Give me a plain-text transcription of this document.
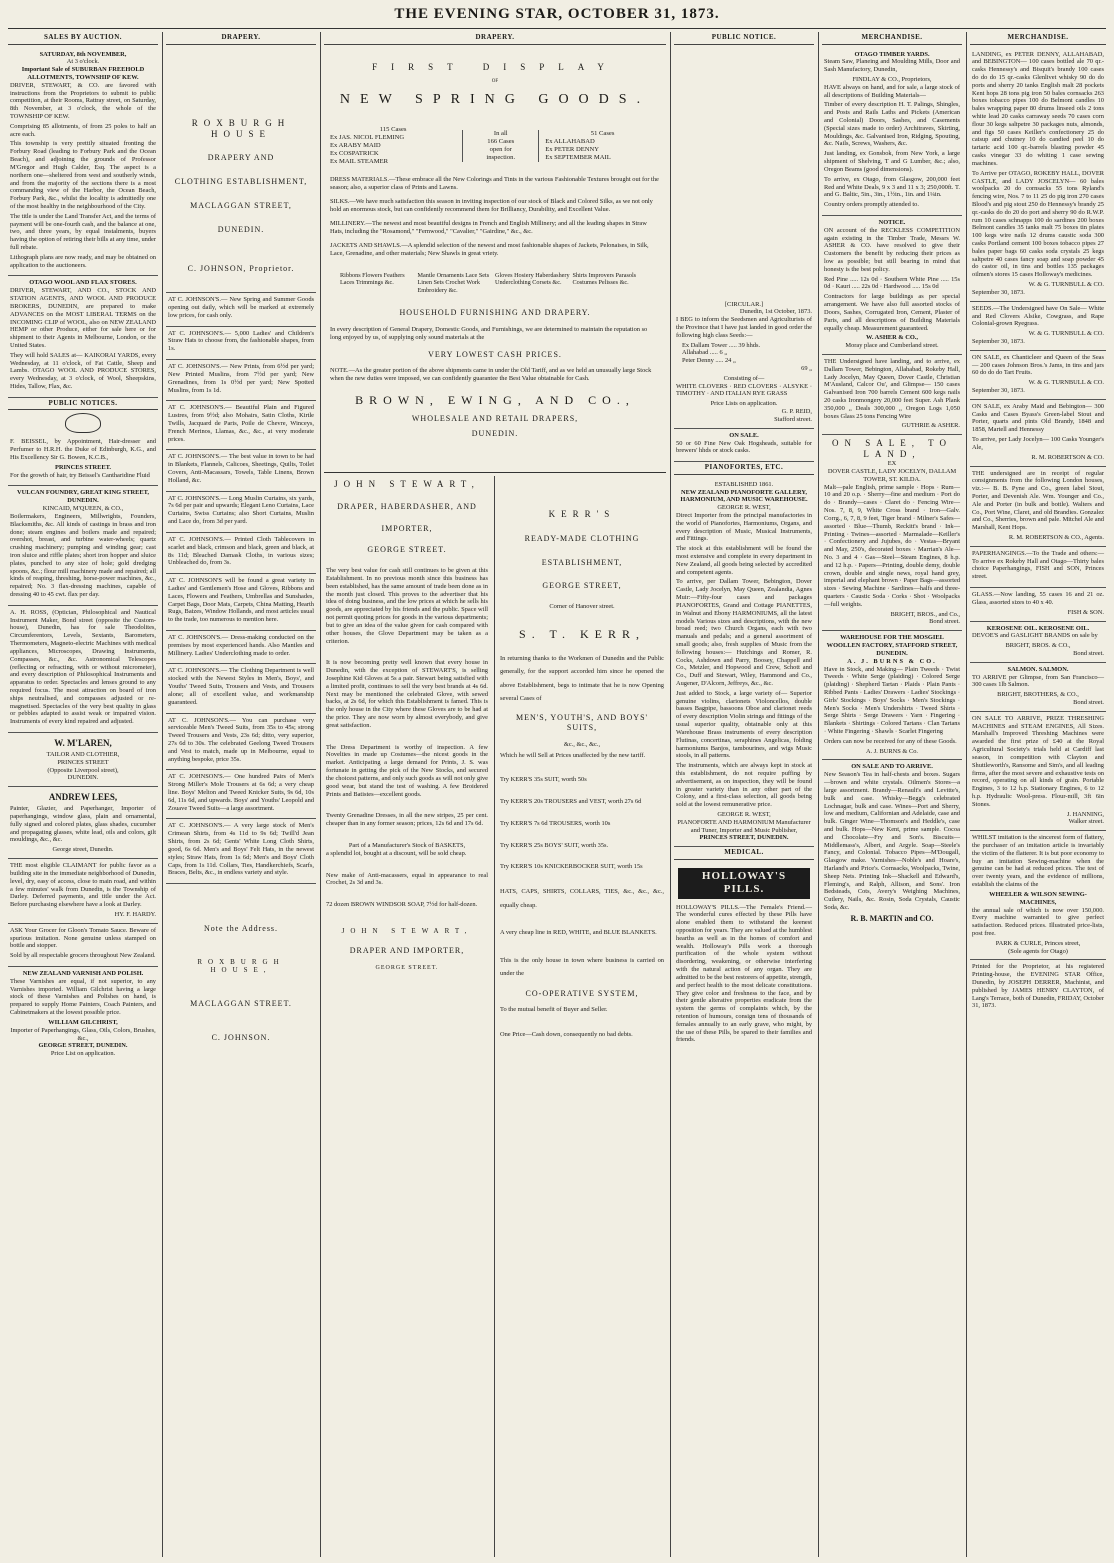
THE EVENING STAR, OCTOBER 31, 1873.
SALES BY AUCTION.
SATURDAY, 8th NOVEMBER,
At 3 o'clock.
Important Sale of SUBURBAN FREEHOLD ALLOTMENTS, TOWNSHIP OF KEW.

DRIVER, STEWART, & CO. are favored with instructions from the Proprietors to submit to public competition, at their Rooms, Rattray street, on Saturday, 8th November, at 3 o'clock, the whole of the TOWNSHIP OF KEW.

Comprising 85 allotments, of from 25 poles to half an acre each.

This township is very prettily situated fronting the Forbury Road (leading to Forbury Park and the Ocean Beach), and adjoining the grounds of Professor M'Gregor and Hugh Calder, Esq. The aspect is a northern one—sheltered from west and southerly winds, and from the majority of the sections there is a most commanding view of the Harbor, the Ocean Beach, Forbury Park, &c., whilst the locality is admittedly one of the most healthy in the neighbourhood of the City.

The title is under the Land Transfer Act, and the terms of payment will be one-fourth cash, and the balance at one, two, and three years, by equal instalments, buyers having the option of retiring their bills at any time, under full rebate.

Lithograph plans are now ready, and may be obtained on application to the auctioneers.

OTAGO WOOL AND FLAX STORES.

DRIVER, STEWART, AND CO., STOCK AND STATION AGENTS, AND WOOL AND PRODUCE BROKERS, DUNEDIN, are prepared to make ADVANCES on the MOST LIBERAL TERMS on the INCOMING CLIP of WOOL, also on NEW ZEALAND HEMP or other Produce, either for sale here or for shipment to their Agents in Melbourne, London, or the United States.

They will hold SALES at— KAIKORAI YARDS, every Wednesday, at 11 o'clock, of Fat Cattle, Sheep and Lambs. OTAGO WOOL AND PRODUCE STORES, every Wednesday, at 3 o'clock, of Wool, Sheepskins, Hides, Tallow, Flax, &c.

PUBLIC NOTICES.

F. BEISSEL, by Appointment, Hair-dresser and Perfumer to H.R.H. the Duke of Edinburgh, K.G., and His Excellency Sir G. Bowen, K.C.B.,

PRINCES STREET.

For the growth of hair, try Beissel's Cantharidine Fluid

VULCAN FOUNDRY, GREAT KING STREET, DUNEDIN.
KINCAID, M'QUEEN, & CO.,

Boilermakers, Engineers, Millwrights, Founders, Blacksmiths, &c. All kinds of castings in brass and iron done; steam engines and boilers made and repaired; overshot, breast, and turbine water-wheels; quartz crushing machinery; pumping and winding gear; cast iron sluice and riffle plates; short iron hopper and sluice plates, punched to any size of hole; gold dredging spoons, &c.; flour mill machinery made and repaired; all kinds of reaping, threshing, horse-power machines, &c., repaired; No. 3 flax-dressing machines, capable of dressing 40 to 45 cwt. flax per day.

A. H. ROSS, (Optician, Philosophical and Nautical Instrument Maker, Bond street (opposite the Custom-house), Dunedin, has for sale Theodolites, Circumferentors, Levels, Sextants, Barometers, Thermometers, Magneto-electric Machines with medical appliances, Microscopes, Drawing Instruments, Compasses, &c., &c. Astronomical Telescopes (reflecting or refracting, with or without micrometer), and every description of Philosophical Instruments and apparatus to order. Spectacles and lenses ground to any required focus. The most attraction on board of iron ships neutralised, and compasses adjusted or re-magnetised. Spectacles of the very best quality in glass or pebbles adapted to assist weak or impaired vision. Instruments of every kind repaired and adjusted.

W. M'LAREN,
TAILOR AND CLOTHIER,
PRINCES STREET
(Opposite Liverpool street),
DUNEDIN.
ANDREW LEES,

Painter, Glazier, and Paperhanger, Importer of paperhangings, window glass, plain and ornamental, fully signed and colored plates, glass shades, cucumber and propagating glasses, white lead, oils and colors, gilt mouldings, &c., &c.

George street, Dunedin.

THE most eligible CLAIMANT for public favor as a building site in the immediate neighborhood of Dunedin, level, dry, easy of access, close to main road, and within a few minutes' walk from Dunedin, is the Township of Darley. Deferred payments, and title under the Act. Before purchasing elsewhere have a look at Darley.

HY. F. HARDY.

ASK Your Grocer for Gloon's Tomato Sauce. Beware of spurious imitation. None genuine unless stamped on bottle and stopper.

Sold by all respectable grocers throughout New Zealand.

NEW ZEALAND VARNISH AND POLISH.

These Varnishes are equal, if not superior, to any Varnishes imported. William Gilchrist having a large stock of these Varnishes and Polishes on hand, is prepared to supply Home Painters, Coach Painters, and Cabinetmakers at the lowest possible price.

WILLIAM GILCHRIST,
Importer of Paperhangings, Glass, Oils, Colors, Brushes, &c.,
GEORGE STREET, DUNEDIN.
Price List on application.
DRAPERY.
ROXBURGH HOUSE
DRAPERY AND
CLOTHING ESTABLISHMENT,
MACLAGGAN STREET,
DUNEDIN.
C. JOHNSON, Proprietor.

AT C. JOHNSON'S.— New Spring and Summer Goods opening out daily, which will be marked at extremely low prices, for cash only.

AT C. JOHNSON'S.— 5,000 Ladies' and Children's Straw Hats to choose from, the fashionable shapes, from 1s.

AT C. JOHNSON'S.— New Prints, from 6½d per yard; New Printed Muslins, from 7½d per yard; New Grenadines, from 1s 0½d per yard; New Spotted Muslins, from 1s 1d.

AT C. JOHNSON'S.— Beautiful Plain and Figured Lustres, from 9½d; also Mohairs, Satin Cloths, Kirtle Twills, Jacquard de Paris, Poile de Chevre, Winceys, French Merinos, Llamas, &c., &c., at very moderate prices.

AT C. JOHNSON'S.— The best value in town to be had in Blankets, Flannels, Calicoes, Sheetings, Quilts, Toilet Covers, Anti-Macassars, Towels, Table Linens, Brown Holland, &c.

AT C. JOHNSON'S.— Long Muslin Curtains, six yards, 7s 6d per pair and upwards; Elegant Leno Curtains, Lace Curtains, Swiss Curtains; also Short Curtains, Muslin and Lace do, from 3d per yard.

AT C. JOHNSON'S.— Printed Cloth Tablecovers in scarlet and black, crimson and black, green and black, at 8s 11d; Bleached Damask Cloths, in various sizes; Unbleached do, from 3s.

AT C. JOHNSON'S will be found a great variety in Ladies' and Gentlemen's Hose and Gloves, Ribbons and Laces, Flowers and Feathers, Umbrellas and Sunshades, Carpet Bags, Door Mats, Carpets, China Matting, Hearth Rugs, Baizes, Window Hollands, and most articles usual to the trade, too numerous to mention here.

AT C. JOHNSON'S.— Dress-making conducted on the premises by most experienced hands. Also Mantles and Millinery. Ladies' Underclothing made to order.

AT C. JOHNSON'S.— The Clothing Department is well stocked with the Newest Styles in Men's, Boys', and Youths' Tweed Suits, Trousers and Vests, and Trousers alone; all of excellent value, and workmanship guaranteed.

AT C. JOHNSON'S.— You can purchase very serviceable Men's Tweed Suits, from 35s to 45s; strong Tweed Trousers and Vests, 23s 6d; ditto, very superior, 27s 6d to 30s. The celebrated Geelong Tweed Trousers and Vest to match, made up in Melbourne, equal to anything bespoke, price 35s.

AT C. JOHNSON'S.— One hundred Pairs of Men's Strong Miller's Mole Trousers at 6s 6d; a very cheap line. Boys' Melton and Tweed Knicker Suits, 9s 6d, 10s 6d, 11s 6d, and upwards. Boys' and Youths' Leopold and Zouave Tweed Suits—a large assortment.

AT C. JOHNSON'S.— A very large stock of Men's Crimean Shirts, from 4s 11d to 9s 6d; Twill'd Jean Shirts, from 2s 6d; Gents' White Long Cloth Shirts, good, 6s 6d. Men's and Boys' Felt Hats, in the newest styles; Straw Hats, from 1s 6d; Men's and Boys' Cloth Caps, from 1s 11d. Collars, Ties, Handkerchiefs, Scarfs, Braces, Belts, &c., in endless variety and style.

Note the Address.
ROXBURGH HOUSE,
MACLAGGAN STREET.
C. JOHNSON.
DRAPERY.
FIRST DISPLAY
OF
NEW SPRING GOODS.
115 Cases
Ex JAS. NICOL FLEMING
Ex ARABY MAID
Ex COSPATRICK
Ex MAIL STEAMER
In all
166 Cases
open for
inspection.
51 Cases
Ex ALLAHABAD
Ex PETER DENNY
Ex SEPTEMBER MAIL

DRESS MATERIALS.—These embrace all the New Colorings and Tints in the various Fashionable Textures brought out for the season; also, a superior class of Prints and Lawns.

SILKS.—We have much satisfaction this season in inviting inspection of our stock of Black and Colored Silks, as we not only hold an enormous stock, but can confidently recommend them for Brilliancy, Durability, and Excellent Value.

MILLINERY.—The newest and most beautiful designs in French and English Millinery; and all the leading shapes in Straw Hats, including the "Rosamond," "Fernwood," "Cavalier," "Gairdine," &c., &c.

JACKETS AND SHAWLS.—A splendid selection of the newest and most fashionable shapes of Jackets, Pelonaises, in Silk, Lace, Grenadine, and other materials; New Shawls in great vriety.

Ribbons Flowers Feathers Laces Trimmings &c.
Mantle Ornaments Lace Sets Linen Sets Crochet Work Embroidery &c.
Gloves Hosiery Haberdashery Underclothing Corsets &c.
Shirts Improvers Parasols Costumes Pelisses &c.
HOUSEHOLD FURNISHING AND DRAPERY.

In every description of General Drapery, Domestic Goods, and Furnishings, we are determined to maintain the reputation so long enjoyed by us, of supplying only sound materials at the

VERY LOWEST CASH PRICES.

NOTE.—As the greater portion of the above shipments came in under the Old Tariff, and as we held an unusually large Stock when the new duties were imposed, we can confidently guarantee the Best Value obtainable for Cash.

BROWN, EWING, AND CO.,
WHOLESALE AND RETAIL DRAPERS,
DUNEDIN.
JOHN STEWART,
DRAPER, HABERDASHER, AND
IMPORTER,
GEORGE STREET.

The very best value for cash still continues to be given at this Establishment. In no previous month since this business has been established, has the same amount of trade been done as in the month just closed. This proves to the advertiser that his idea of doing business, and the low prices at which he sells his goods, are appreciated by his friends and the public. Space will not permit quoting prices for goods in the various departments; but to give an idea of the value given for cash compared with other houses, the Glove Department may be taken as a criterion.

It is now becoming pretty well known that every house in Dunedin, with the exception of STEWART'S, is selling Josephine Kid Gloves at 5s a pair. Stewart being satisfied with a limited profit, continues to sell the very best brands at 4s 6d. Next may be mentioned the celebrated Glove, with sewed backs, at 2s 6d, for which this Establishment is famed. This is the only house in the City where these Gloves are to be had at the price. They are now worn by almost everybody, and give great satisfaction.

The Dress Department is worthy of inspection. A few Novelties in made up Costumes—the nicest goods in the market. Anticipating a large demand for Prints, J. S. was fortunate in getting the pick of the New Stocks, and secured the choicest patterns, and only such goods as will not only give good wear, but stand the test of washing. A few Broidered Prints and Batistes—excellent goods.

Twenty Grenadine Dresses, in all the new stripes, 25 per cent. cheaper than in any former season; prices, 12s 6d and 17s 6d.

Part of a Manufacturer's Stock of BASKETS,

a splendid lot, bought at a discount, will be sold cheap.

New make of Anti-macassers, equal in appearance to real Crochet, 2s 3d and 3s.

72 dozen BROWN WINDSOR SOAP, 7½d for half-dozen.

JOHN STEWART,
DRAPER AND IMPORTER,
GEORGE STREET.
KERR'S
READY-MADE CLOTHING
ESTABLISHMENT,
GEORGE STREET,
Corner of Hanover street.
S. T. KERR,

In returning thanks to the Workmen of Dunedin and the Public generally, for the support accorded him since he opened the above Establishment, begs to intimate that he is now Opening several Cases of

MEN'S, YOUTH'S, AND BOYS' SUITS,
&c., &c., &c.,

Which he will Sell at Prices unaffected by the new tariff.

Try KERR'S 35s SUIT, worth 50s

Try KERR'S 20s TROUSERS and VEST, worth 27s 6d

Try KERR'S 7s 6d TROUSERS, worth 10s

Try KERR'S 25s BOYS' SUIT, worth 35s.

Try KERR'S 10s KNICKERBOCKER SUIT, worth 15s

HATS, CAPS, SHIRTS, COLLARS, TIES, &c., &c., &c., equally cheap.

A very cheap line in RED, WHITE, and BLUE BLANKETS.

This is the only house in town where business is carried on under the

CO-OPERATIVE SYSTEM,

To the mutual benefit of Buyer and Seller.

One Price—Cash down, consequently no bad debts.

PUBLIC NOTICE.
[CIRCULAR.]
Dunedin, 1st October, 1873.

I BEG to inform the Seedsmen and Agriculturists of the Province that I have just landed in good order the following high class Seeds:—

Ex Dallam Tower ..... 39 hhds.
Allahabad ..... 6 „
Peter Denny ..... 24 „
69 „
Consisting of—

WHITE CLOVERS · RED CLOVERS · ALSYKE · TIMOTHY · AND ITALIAN RYE GRASS

Price Lists on application.
G. P. REID,
Stafford street.
ON SALE.

50 or 60 Fine New Oak Hogsheads, suitable for brewers' hhds or stock casks.

PIANOFORTES, ETC.
ESTABLISHED 1861.
NEW ZEALAND PIANOFORTE GALLERY, HARMONIUM, AND MUSIC WAREHOUSE.
GEORGE R. WEST,

Direct Importer from the principal manufactories in the world of Pianofortes, Harmoniums, Organs, and every description of Music, Musical Instruments, and Fittings.

The stock at this establishment will be found the most extensive and complete in every department in New Zealand, all goods being selected by accredited and competent agents.

To arrive, per Dallam Tower, Bebington, Dover Castle, Lady Jocelyn, May Queen, Zealandia, Agnes Muir:—Fifty-four cases and packages PIANOFORTES, Grand and Cottage PIANETTES, in Walnut and Ebony HARMONIUMS, all the latest models Various sizes and descriptions, with the new broad reed; two Church Organs, each with two manuals and pedals; and a general assortment of small goods; also, fresh supplies of Music from the following houses:— Hutchings and Romer, R. Cocks, Ashdown and Parry, Boosey, Chappell and Co., Metzler, and Hopwood and Crew, Schott and Co., Duff and Stewart, Wiley, Hammond and Co., Augener, D'Alcorn, Jeffreys, &c., &c.

Just added to Stock, a large variety of— Superior genuine violins, clarionets Violoncellos, double basses Bagpipe, bassoons Oboe and clarionet reeds of every description Violin strings and fittings of the usual superior quality, obtainable only at this Warehouse Brass instruments of every description Flutinas, concertinas, seraphines Angelicas, folding harmoniums Banjos, tambourines, and wigs Music stools, in all patterns.

The instruments, which are always kept in stock at this establishment, do not require puffing by advertisement, as on inspection, they will be found in greater variety than in any other part of the Colony, and a first-class selection, all goods being sold at the lowest remunerative price.

GEORGE R. WEST,
PIANOFORTE AND HARMONIUM Manufacturer and Tuner, Importer and Music Publisher,
PRINCES STREET, DUNEDIN.
MEDICAL.
HOLLOWAY'S PILLS.

HOLLOWAY'S PILLS.—The Female's Friend.—The wonderful cures effected by these Pills have alone enabled them to withstand the keenest opposition for years. They are valued at the humblest hearths as well as in the homes of comfort and wealth. Holloway's Pills work a thorough purification of the whole system without disordering, weakening, or otherwise interfering with the natural action of any organ. They are admitted to be the best restorers of appetite, strength, and perfect health to the most delicate constitutions. They give color and freshness to the face, and by their gentle alterative properties eradicate from the system the germs of complaints which, by the retention of humours, consign tens of thousands of females annually to an early grave, who might, by the use of these Pills, be spared to their families and friends.

MERCHANDISE.
OTAGO TIMBER YARDS.

Steam Saw, Planeing and Moulding Mills, Door and Sash Manufactory, Dunedin,

FINDLAY & CO., Proprietors,

HAVE always on hand, and for sale, a large stock of all descriptions of Building Materials—

Timber of every description H. T. Palings, Shingles, and Posts and Rails Laths and Pickets (American and Colonial) Doors, Sashes, and Casements (Special sizes made to order) Architraves, Skirting, Mouldings, &c. Galvanised Iron, Ridging, Spouting, &c. Nails, Screws, Washers, &c.

Just landing, ex Gonsbok, from New York, a large shipment of Shelving, T and G Lumber, &c.; also, Oregon Beams (good dimensions).

To arrive, ex Otago, from Glasgow, 200,000 feet Red and White Deals, 9 x 3 and 11 x 3; 250,000ft. T. and G. Baltic, 5in., 3in., 1½in., 1in. and 1¼in.

Country orders promptly attended to.

NOTICE.

ON account of the RECKLESS COMPETITION again existing in the Timber Trade, Messrs W. ASHER & CO. have resolved to give their Customers the benefit by reducing their prices as low as possible; but still bearing in mind that honesty is the best policy.

Red Pine ..... 12s 0d · Southern White Pine ..... 15s 0d · Kauri ..... 22s 0d · Hardwood ..... 15s 0d

Contractors for large buildings as per special arrangement. We have also full assorted stocks of Doors, Sashes, Corrugated Iron, Cement, Plaster of Paris, and all descriptions of Building Materials equally cheap. Measurement guaranteed.

W. ASHER & CO.,
Moray place and Cumberland street.

THE Undersigned have landing, and to arrive, ex Dallam Tower, Bebington, Allahabad, Rokeby Hall, Lady Jocelyn, May Queen, Dover Castle, Christian M'Ausland, Calcor Ou', and Glimpse— 150 cases Galvanised Iron 700 barrels Cement 600 kegs nails 20 casks Ironmongery 20,000 feet Super. Ash Plank 350,000 ,, Deals 300,000 ,, Oregon Logs 1,050 boxes Glass 25 tons Fencing Wire

GUTHRIE & ASHER.
ON SALE, TO LAND,
EX
DOVER CASTLE, LADY JOCELYN, DALLAM TOWER, ST. KILDA.

Malt—pale English, prime sample · Hops · Rum—10 and 20 o.p. · Sherry—fine and medium · Port do do · Brandy—cases · Claret do · Fencing Wire—Nos. 7, 8, 9, White Cross brand · Iron—Galv. Corrg., 6, 7, 8, 9 feet, Tiger brand · Milner's Safes—assorted · Blue—Thumb, Reckitt's brand · Ink—Printing · Twines—assorted · Marmalade—Keiller's · Confectionery and Jujubes, do · Vestas—Bryant and May, 250's, decorated boxes · Marrian's Ale—No. 3 and 4 · Gas—Steel—Steam Engines, 8 h.p. and 12 h.p. · Papers—Printing, double demy, double crown, double and single news, royal hand grey, imperial and elephant brown · Paper Bags—assorted sizes · Sewing Machine · Sardines—halfs and three-quarters · Caustic Soda · Corks · Shot · Woolpacks—full weights.

BRIGHT, BROS., and Co.,
Bond street.
WAREHOUSE FOR THE MOSGIEL WOOLLEN FACTORY, STAFFORD STREET, DUNEDIN.
A. J. BURNS & CO.

Have in Stock, and Making— Plain Tweeds · Twist Tweeds · White Serge (plaiding) · Colored Serge (plaiding) · Shepherd Tartan · Plaids · Plain Pants · Ribbed Pants · Ladies' Drawers · Ladies' Stockings · Girls' Stockings · Boys' Socks · Men's Stockings · Men's Socks · Men's Undershirts · Tweed Shirts · Serge Shirts · Serge Drawers · Yarn · Fingering · Blankets · Shirtings · Colored Tartans · Clan Tartans · White Fingering · Shawls · Scarlet Fingering

Orders can now be received for any of these Goods.

A. J. BURNS & Co.
ON SALE AND TO ARRIVE.

New Season's Tea in half-chests and boxes. Sugars—brown and white crystals. Oilmen's Stores—a large assortment. Brandy—Renault's and Levitte's, bulk and case. Whisky—Begg's celebrated Lochnagar, bulk and case. Wines—Port and Sherry, low and medium, Californian and Adelaide, case and bulk. Ginger Wine—Thomson's and Heddle's, case and bulk. Hops—New Kent, prime sample. Cocoa and Chocolate—Fry and Son's. Biscuits—Middlemass's, Albert, and Argyle. Soap—Steele's Fancy, and Colonial. Tobacco Pipes—M'Dougall, Glasgow make. Varnishes—Noble's and Hoare's, Harland's and Price's. Cornsacks, Woolpacks, Twine, Sheep Nets. Printing Ink—Shackell and Edward's, Fleming's, and Ralph, Allison, and Sons'. Iron Bedsteads, Cots, Avery's Weighing Machines, Cutlery, Nails, &c. Rosin, Soda Crystals, Caustic Soda, &c.

R. B. MARTIN and CO.
MERCHANDISE.

LANDING, ex PETER DENNY, ALLAHABAD, and BEBINGTON— 100 cases bottled ale 70 qr.-casks Hennessy's and Bisquit's brandy 100 cases do do do 15 qr.-casks Glenlivet whisky 90 do do ports and sherry 20 tanks English malt 28 pockets Kent hops 28 tons pig iron 50 bales cornsacks 263 boxes tobacco pipes 100 do Belmont candles 10 bales wrapping paper 80 drums linseed oils 2 tons white lead 20 casks carraway seeds 70 cases corn flour 30 kegs saltpetre 30 packages nuts, almonds, and figs 50 cases Keiller's confectionery 25 do catsup and chutney 10 do candied peel 10 do tartaric acid 100 qr.-barrels blasting powder 45 casks vinegar 33 do whiting 1 case sewing machines.

To Arrive per OTAGO, ROKEBY HALL, DOVER CASTLE, and LADY JOSCELYN— 60 bales woolpacks 20 do cornsacks 55 tons Ryland's fencing wire, Nos. 7 to 11 25 do pig iron 270 cases Blood's and pig stout 250 do Hennessy's brandy 25 qr.-casks do do 20 do port and sherry 90 do R.W.P. rum 10 cases schnapps 100 do sardines 200 boxes Belmont candles 35 tanks malt 75 boxes tin plates 100 kegs wire nails 12 drums caustic soda 300 casks Portland cement 100 boxes tobacco pipes 27 bales paper bags 60 casks soda crystals 25 kegs saltpetre 40 cases fancy soap and soap powder 45 do castor oil, in tins and bottles 135 packages oilmen's stores 15 cases Holloway's medicines.

W. & G. TURNBULL & CO.
September 30, 1873.

SEEDS.—The Undersigned have On Sale— White and Red Clovers Alsike, Cowgrass, and Rape Colonial-grown Ryegrass.

W. & G. TURNBULL & CO.
September 30, 1873.

ON SALE, ex Chanticleer and Queen of the Seas— 200 cases Johnson Bros.'s Jams, in tins and jars 60 do do do Tart Fruits.

W. & G. TURNBULL & CO.
September 30, 1873.

ON SALE, ex Araby Maid and Bebington— 300 Casks and Cases Byass's Green-label Stout and Porter, quarts and pints Old Brandy, 1848 and 1858, Martell and Hennessy

To arrive, per Lady Jocelyn— 100 Casks Younger's Ale,

R. M. ROBERTSON & CO.

THE undersigned are in receipt of regular consignments from the following London houses, viz.:— B. B. Pyne and Co., green label Stout, Porter, and Devenish Ale. Wm. Younger and Co., Ale and Porter (in bulk and bottle). Walters and Co., Port Wine, Claret, and old Brandies. Gonzalez and Co., Sherries, brown and pale. Mitchel Ale and Marshall, Kent Hops.

R. M. ROBERTSON & CO., Agents.

PAPERHANGINGS.—To the Trade and others:—To arrive ex Rokeby Hall and Otago—Thirty bales choice Paperhangings, FISH and SON, Princes street.

GLASS.—Now landing, 55 cases 16 and 21 oz. Glass, assorted sizes to 40 x 40.

FISH & SON.
KEROSENE OIL. KEROSENE OIL.

DEVOE'S and GASLIGHT BRANDS on sale by

BRIGHT, BROS. & CO.,
Bond street.
SALMON. SALMON.

TO ARRIVE per Glimpse, from San Francisco— 300 cases 1lb Salmon.

BRIGHT, BROTHERS, & CO.,
Bond street.

ON SALE TO ARRIVE, PRIZE THRESHING MACHINES and STEAM ENGINES, All Sizes. Marshall's Improved Threshing Machines were awarded the first prize of £40 at the Royal Agricultural Society's trials held at Cardiff last season, in competition with Clayton and Shuttleworth's, Ransome and Sim's, and all leading firms, after the most severe and exhaustive tests on record, operating on all kinds of grain. Portable Engines, 3 to 12 h.p. Stationary Engines, 6 to 12 h.p. Hydraulic Wool-press. Flour-mill, 3ft 6in Stones.

J. HANNING,
Walker street.

WHILST imitation is the sincerest form of flattery, the purchaser of an imitation article is invariably the victim of the flatterer. It is but poor economy to buy an imitation Sewing-machine when the genuine can be had at reduced prices. The test of over twenty years, and the evidence of millions, establish the claims of the

WHEELER & WILSON SEWING-MACHINES,

the annual sale of which is now over 150,000. Every machine warranted to give perfect satisfaction. Reduced prices. Illustrated price-lists, post free.

PARK & CURLE, Princes street,
(Sole agents for Otago)

Printed for the Proprietor, at his registered Printing-house, the EVENING STAR Office, Dunedin, by JOSEPH DERRER, Machinist, and published by JAMES HENRY CLAYTON, of Lang's Terrace, both of Dunedin, FRIDAY, October 31, 1873.
